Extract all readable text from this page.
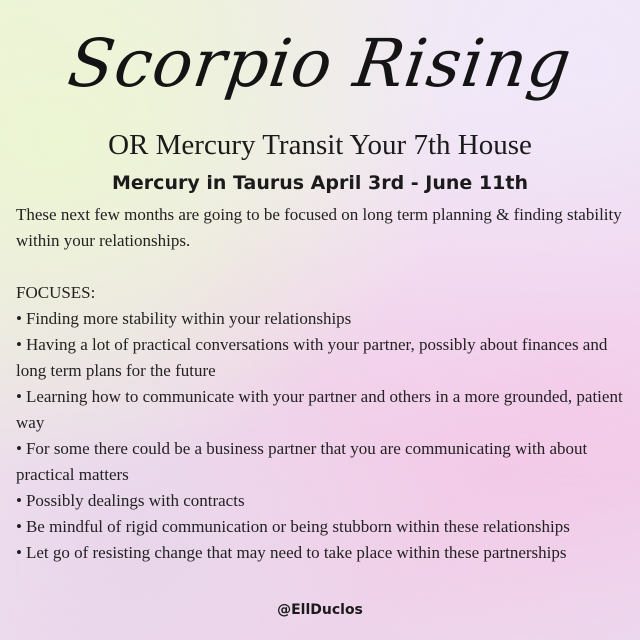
Scorpio Rising
OR Mercury Transit Your 7th House
Mercury in Taurus April 3rd - June 11th

These next few months are going to be focused on long term planning & finding stability within your relationships.

FOCUSES:

• Finding more stability within your relationships
• Having a lot of practical conversations with your partner, possibly about finances and long term plans for the future
• Learning how to communicate with your partner and others in a more grounded, patient way
• For some there could be a business partner that you are communicating with about practical matters
• Possibly dealings with contracts
• Be mindful of rigid communication or being stubborn within these relationships
• Let go of resisting change that may need to take place within these partnerships
@EllDuclos
